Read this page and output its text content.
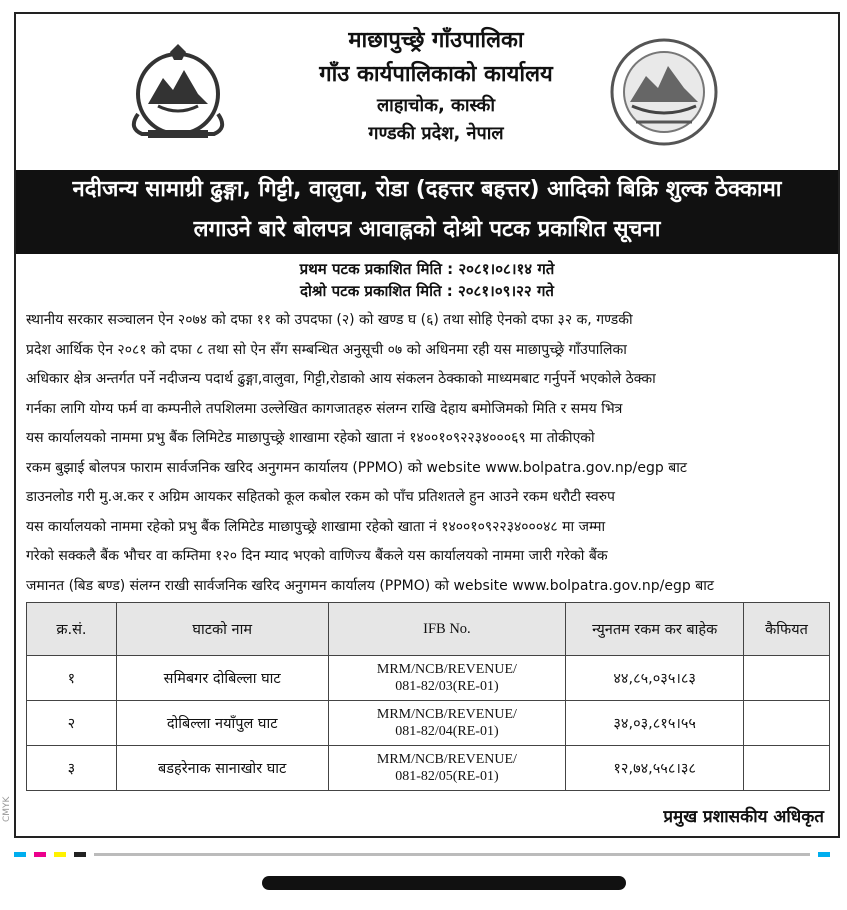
माछापुच्छ्रे गाँउपालिका
गाँउ कार्यपालिकाको कार्यालय
लाहाचोक, कास्की
गण्डकी प्रदेश, नेपाल
नदीजन्य सामाग्री ढुङ्गा, गिट्टी, वालुवा, रोडा (दहत्तर बहत्तर) आदिको बिक्रि शुल्क ठेक्कामा
लगाउने बारे बोलपत्र आवाह्नको दोश्रो पटक प्रकाशित सूचना
प्रथम पटक प्रकाशित मिति : २०८१।०८।१४ गते
दोश्रो पटक प्रकाशित मिति : २०८१।०९।२२ गते
स्थानीय सरकार सञ्चालन ऐन २०७४ को दफा ११ को उपदफा (२) को खण्ड घ (६) तथा सोहि ऐनको दफा ३२ क, गण्डकी
प्रदेश आर्थिक ऐन २०८१ को दफा ८ तथा सो ऐन सँग सम्बन्धित अनुसूची ०७ को अधिनमा रही यस माछापुच्छ्रे गाँउपालिका
अधिकार क्षेत्र अन्तर्गत पर्ने नदीजन्य पदार्थ ढुङ्गा,वालुवा, गिट्टी,रोडाको आय संकलन ठेक्काको माध्यमबाट गर्नुपर्ने भएकोले ठेक्का
गर्नका लागि योग्य फर्म वा कम्पनीले तपशिलमा उल्लेखित कागजातहरु संलग्न राखि देहाय बमोजिमको मिति र समय भित्र
यस कार्यालयको नाममा प्रभु बैंक लिमिटेड माछापुच्छ्रे शाखामा रहेको खाता नं १४००१०९२२३४०००६९ मा तोकीएको
रकम बुझाई बोलपत्र फाराम सार्वजनिक खरिद अनुगमन कार्यालय (PPMO) को website www.bolpatra.gov.np/egp बाट
डाउनलोड गरी मु.अ.कर र अग्रिम आयकर सहितको कूल कबोल रकम को पाँच प्रतिशतले हुन आउने रकम धरौटी स्वरुप
यस कार्यालयको नाममा रहेको प्रभु बैंक लिमिटेड माछापुच्छ्रे शाखामा रहेको खाता नं १४००१०९२२३४०००४८ मा जम्मा
गरेको सक्कलै बैंक भौचर वा कम्तिमा १२० दिन म्याद भएको वाणिज्य बैंकले यस कार्यालयको नाममा जारी गरेको बैंक
जमानत (बिड बण्ड) संलग्न राखी सार्वजनिक खरिद अनुगमन कार्यालय (PPMO) को website www.bolpatra.gov.np/egp बाट
क्र.सं.	घाटको नाम	IFB No.	न्युनतम रकम कर बाहेक	कैफियत
१	समिबगर दोबिल्ला घाट	MRM/NCB/REVENUE/
081-82/03(RE-01)	४४,८५,०३५।८३	
२	दोबिल्ला नयाँपुल घाट	MRM/NCB/REVENUE/
081-82/04(RE-01)	३४,०३,८१५।५५	
३	बडहरेनाक सानाखोर घाट	MRM/NCB/REVENUE/
081-82/05(RE-01)	१२,७४,५५८।३८	
प्रमुख प्रशासकीय अधिकृत
CMYK
